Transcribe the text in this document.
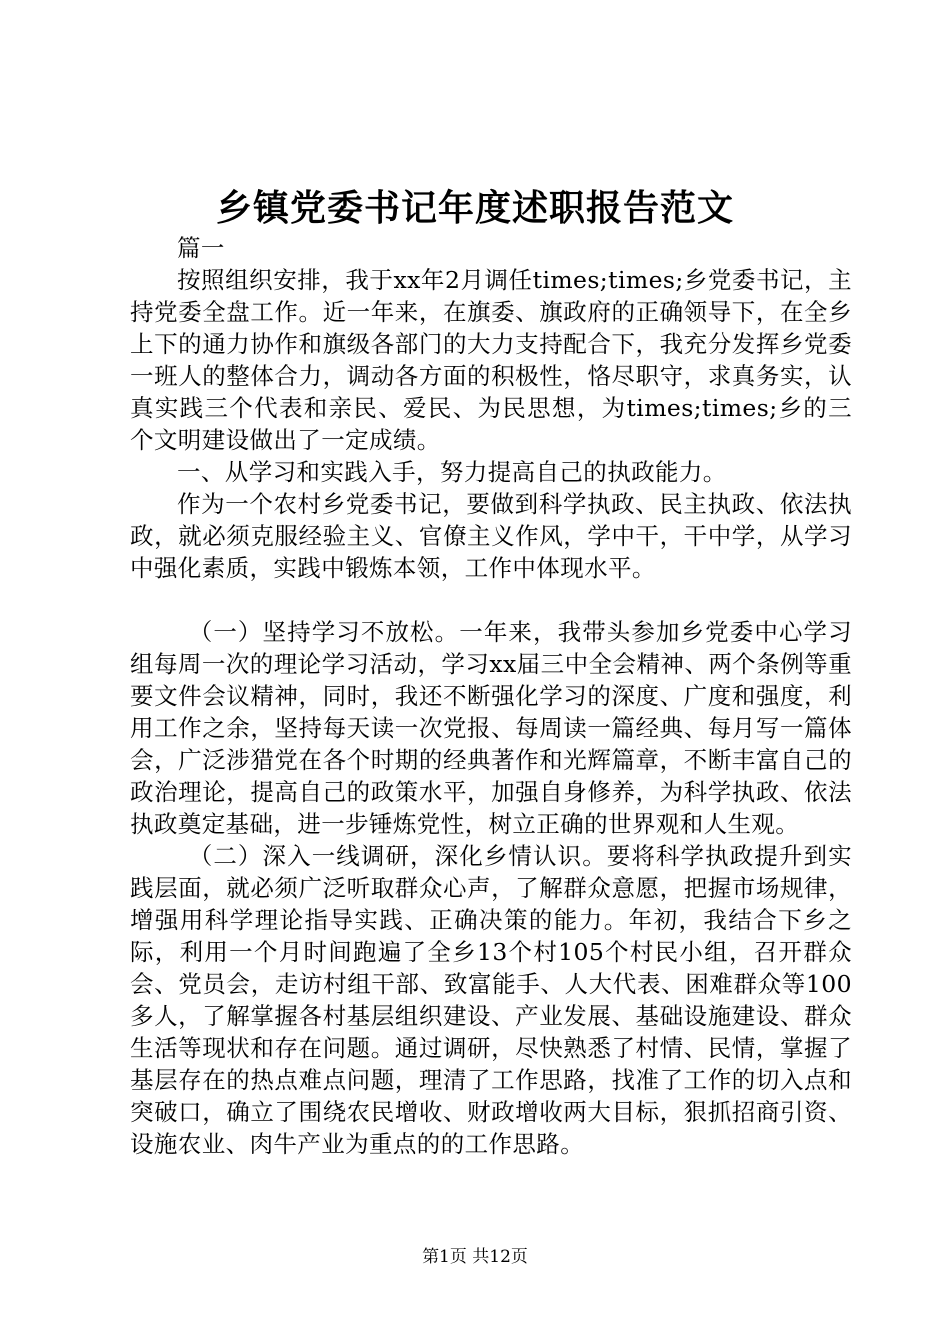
乡镇党委书记年度述职报告范文

篇一

按照组织安排，我于xx年2月调任times;times;乡党委书记，主持党委全盘工作。近一年来，在旗委、旗政府的正确领导下，在全乡上下的通力协作和旗级各部门的大力支持配合下，我充分发挥乡党委一班人的整体合力，调动各方面的积极性，恪尽职守，求真务实，认真实践三个代表和亲民、爱民、为民思想，为times;times;乡的三个文明建设做出了一定成绩。

一、从学习和实践入手，努力提高自己的执政能力。

作为一个农村乡党委书记，要做到科学执政、民主执政、依法执政，就必须克服经验主义、官僚主义作风，学中干，干中学，从学习中强化素质，实践中锻炼本领，工作中体现水平。

（一）坚持学习不放松。一年来，我带头参加乡党委中心学习组每周一次的理论学习活动，学习xx届三中全会精神、两个条例等重要文件会议精神，同时，我还不断强化学习的深度、广度和强度，利用工作之余，坚持每天读一次党报、每周读一篇经典、每月写一篇体会，广泛涉猎党在各个时期的经典著作和光辉篇章，不断丰富自己的政治理论，提高自己的政策水平，加强自身修养，为科学执政、依法执政奠定基础，进一步锤炼党性，树立正确的世界观和人生观。

（二）深入一线调研，深化乡情认识。要将科学执政提升到实践层面，就必须广泛听取群众心声，了解群众意愿，把握市场规律，增强用科学理论指导实践、正确决策的能力。年初，我结合下乡之际，利用一个月时间跑遍了全乡13个村105个村民小组，召开群众会、党员会，走访村组干部、致富能手、人大代表、困难群众等100多人，了解掌握各村基层组织建设、产业发展、基础设施建设、群众生活等现状和存在问题。通过调研，尽快熟悉了村情、民情，掌握了基层存在的热点难点问题，理清了工作思路，找准了工作的切入点和突破口，确立了围绕农民增收、财政增收两大目标，狠抓招商引资、设施农业、肉牛产业为重点的的工作思路。

第1页 共12页
